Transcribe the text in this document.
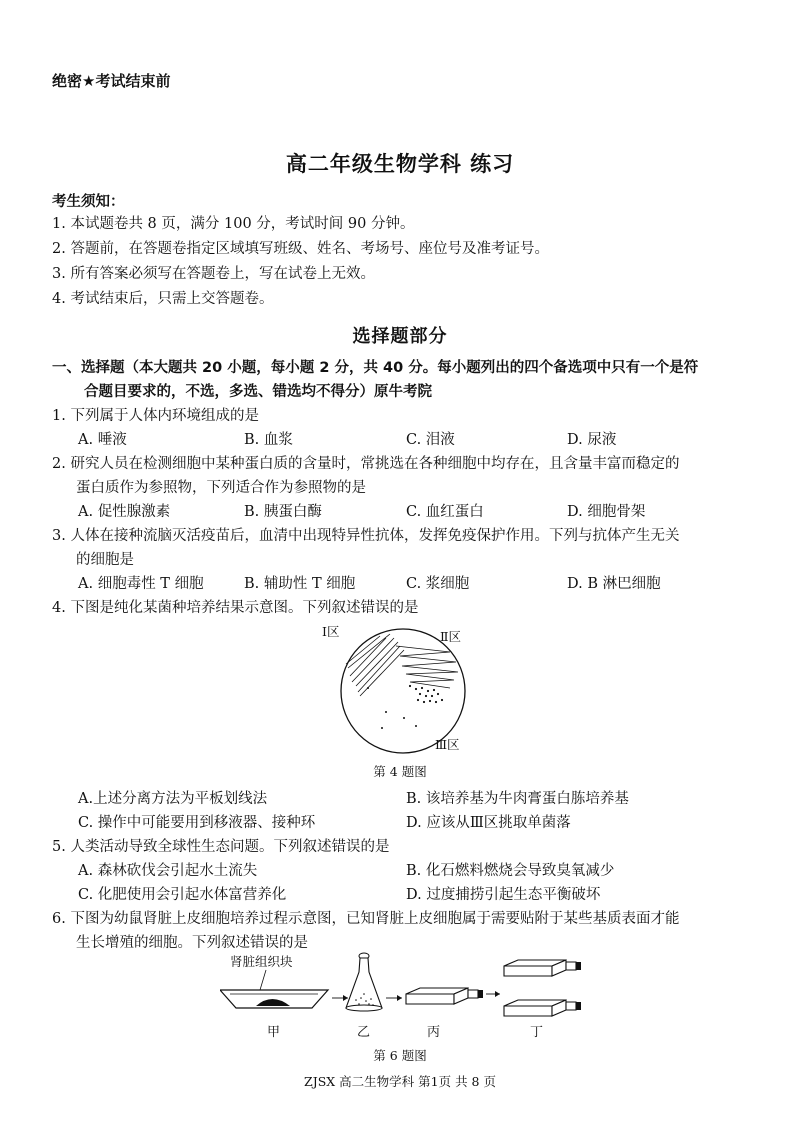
绝密★考试结束前
高二年级生物学科 练习
考生须知：
1. 本试题卷共 8 页，满分 100 分，考试时间 90 分钟。
2. 答题前，在答题卷指定区域填写班级、姓名、考场号、座位号及准考证号。
3. 所有答案必须写在答题卷上，写在试卷上无效。
4. 考试结束后，只需上交答题卷。
选择题部分
一、选择题（本大题共 20 小题，每小题 2 分，共 40 分。每小题列出的四个备选项中只有一个是符
合题目要求的，不选，多选、错选均不得分）原牛考院
1. 下列属于人体内环境组成的是
A. 唾液	B. 血浆	C. 泪液	D. 尿液
2. 研究人员在检测细胞中某种蛋白质的含量时，常挑选在各种细胞中均存在，且含量丰富而稳定的
蛋白质作为参照物，下列适合作为参照物的是
A. 促性腺激素	B. 胰蛋白酶	C. 血红蛋白	D. 细胞骨架
3. 人体在接种流脑灭活疫苗后，血清中出现特异性抗体，发挥免疫保护作用。下列与抗体产生无关
的细胞是
A. 细胞毒性 T 细胞	B. 辅助性 T 细胞	C. 浆细胞	D. B 淋巴细胞
4. 下图是纯化某菌种培养结果示意图。下列叙述错误的是
Ⅰ区	Ⅱ区
Ⅲ区
第 4 题图
A.上述分离方法为平板划线法	B. 该培养基为牛肉膏蛋白胨培养基
C. 操作中可能要用到移液器、接种环	D. 应该从Ⅲ区挑取单菌落
5. 人类活动导致全球性生态问题。下列叙述错误的是
A. 森林砍伐会引起水土流失	B. 化石燃料燃烧会导致臭氧减少
C. 化肥使用会引起水体富营养化	D. 过度捕捞引起生态平衡破坏
6. 下图为幼鼠肾脏上皮细胞培养过程示意图，已知肾脏上皮细胞属于需要贴附于某些基质表面才能
生长增殖的细胞。下列叙述错误的是
肾脏组织块
甲	乙	丙	丁
第 6 题图
ZJSX 高二生物学科 第1页 共 8 页
